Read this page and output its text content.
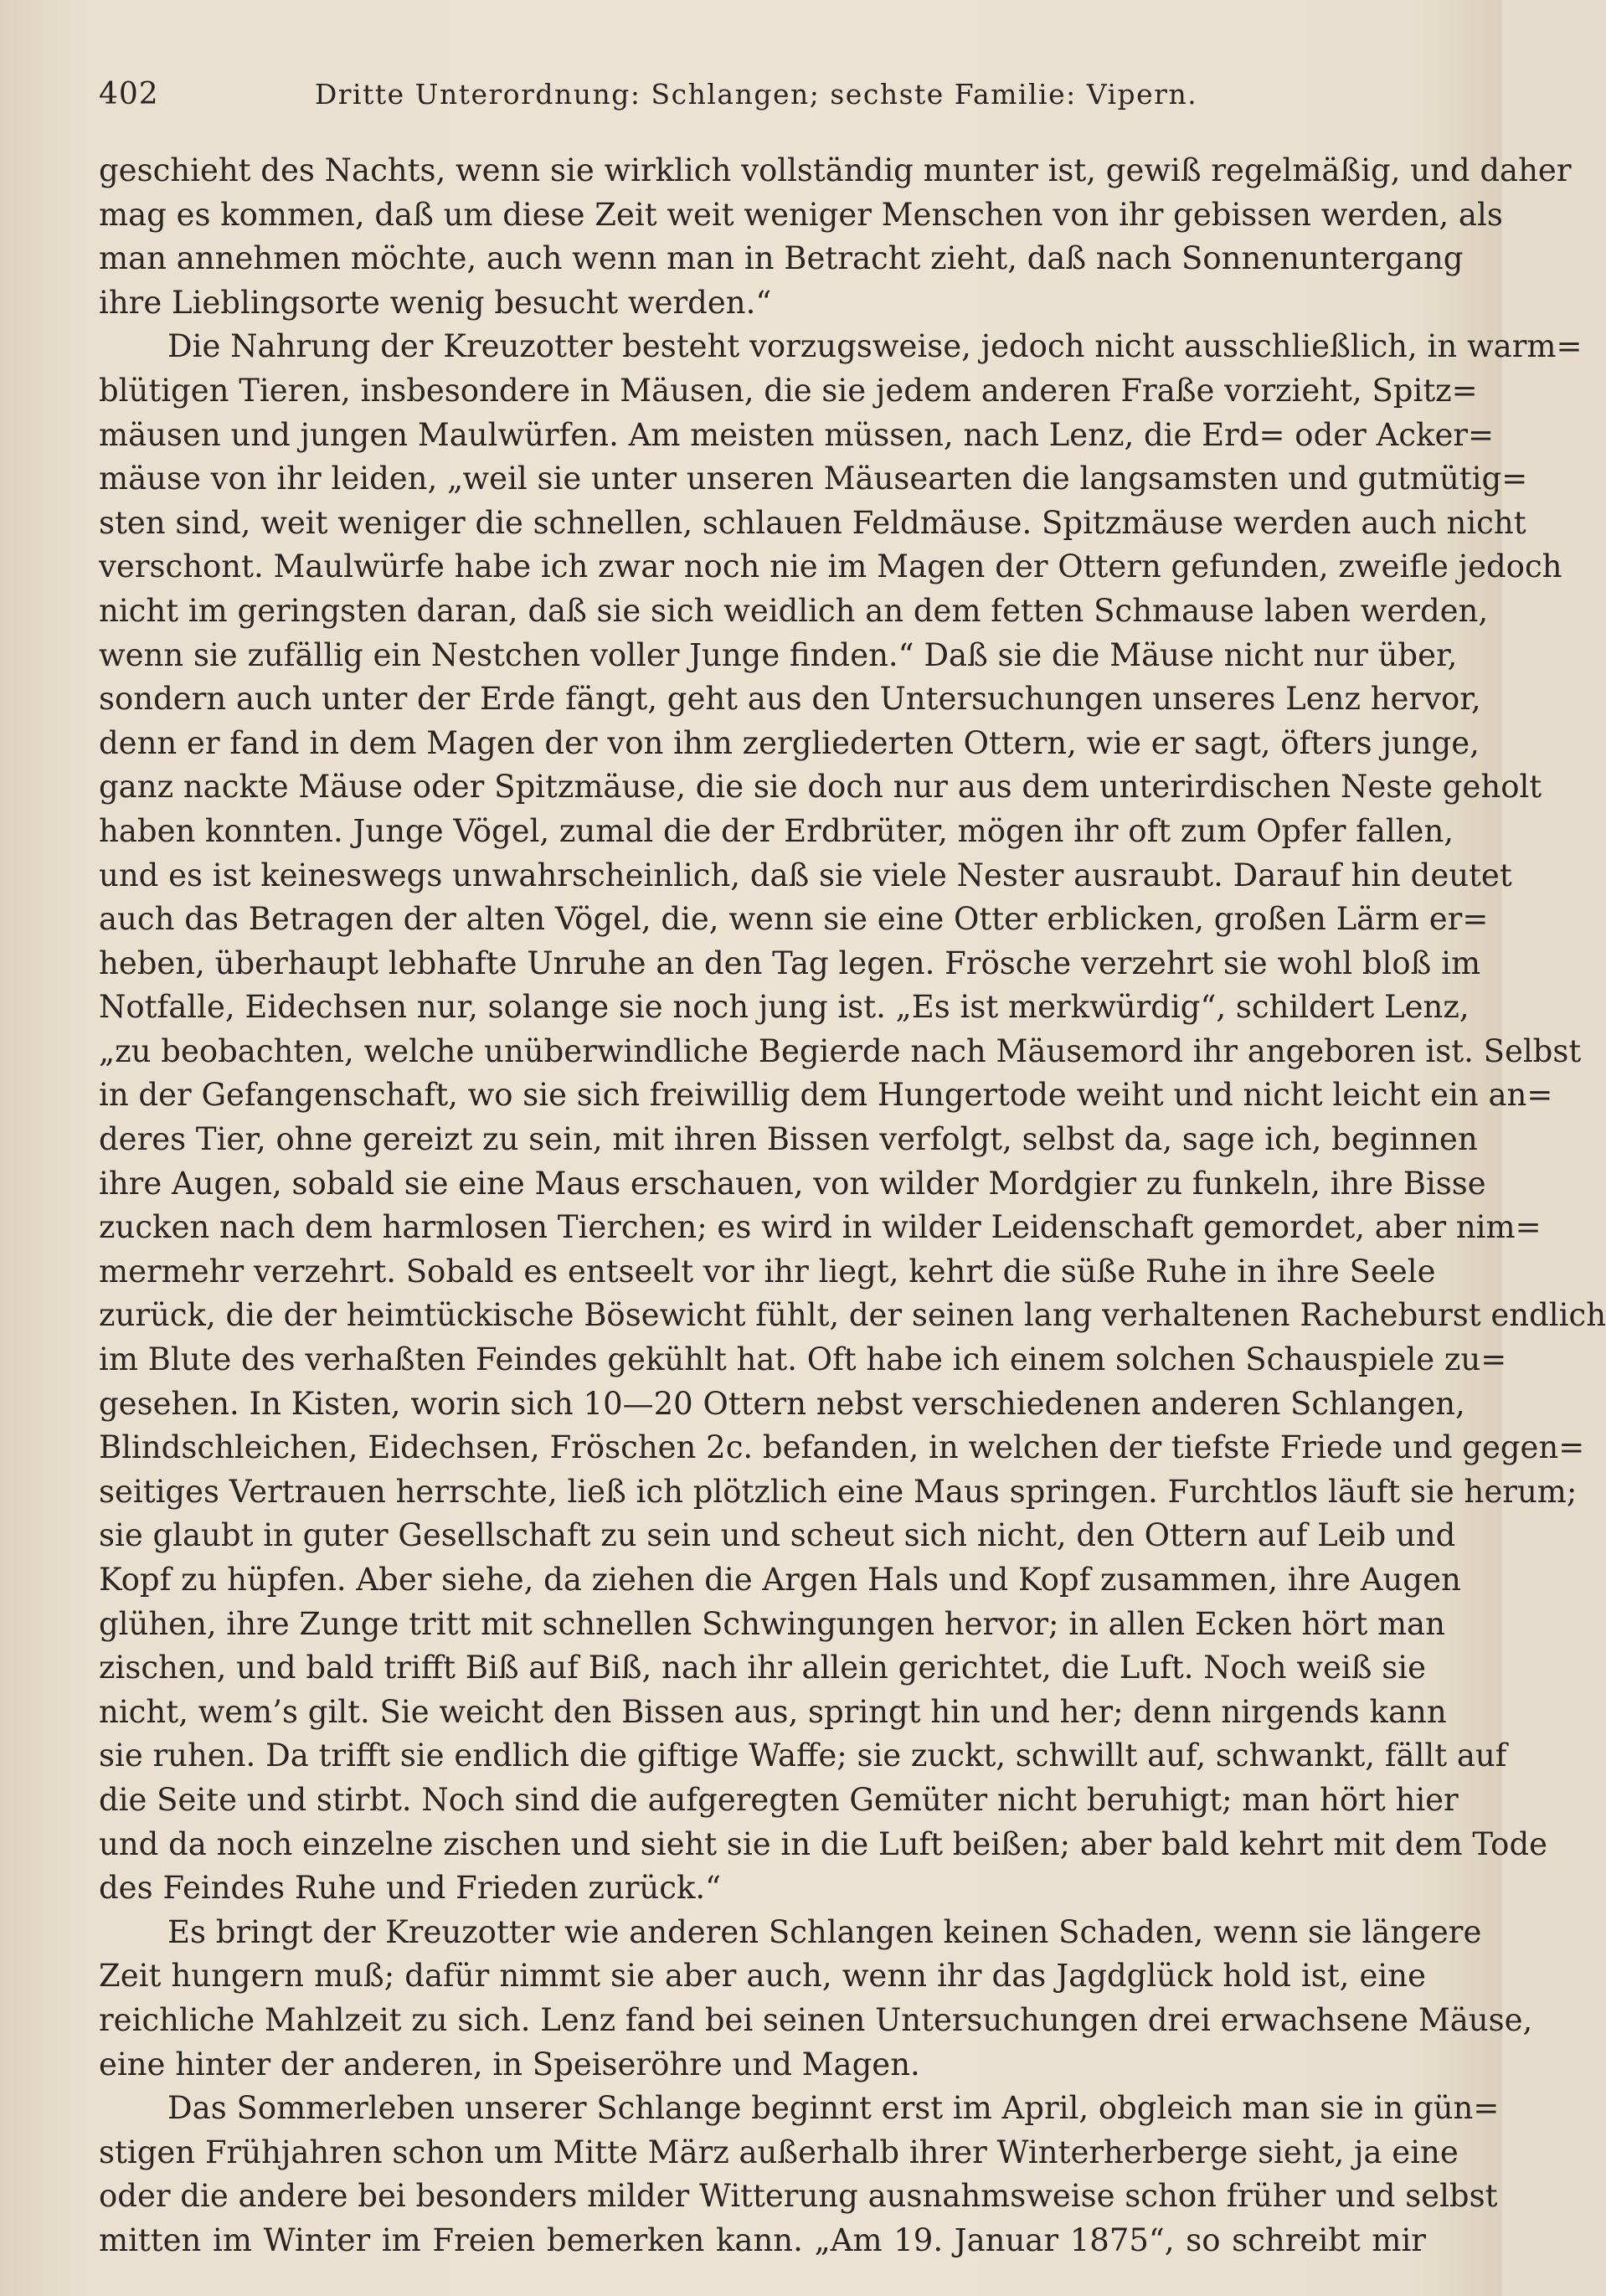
402	Dritte Unterordnung: Schlangen; sechste Familie: Vipern.
geschieht des Nachts, wenn sie wirklich vollständig munter ist, gewiß regelmäßig, und daher
mag es kommen, daß um diese Zeit weit weniger Menschen von ihr gebissen werden, als
man annehmen möchte, auch wenn man in Betracht zieht, daß nach Sonnenuntergang
ihre Lieblingsorte wenig besucht werden.“
Die Nahrung der Kreuzotter besteht vorzugsweise, jedoch nicht ausschließlich, in warm=
blütigen Tieren, insbesondere in Mäusen, die sie jedem anderen Fraße vorzieht, Spitz=
mäusen und jungen Maulwürfen. Am meisten müssen, nach Lenz, die Erd= oder Acker=
mäuse von ihr leiden, „weil sie unter unseren Mäusearten die langsamsten und gutmütig=
sten sind, weit weniger die schnellen, schlauen Feldmäuse. Spitzmäuse werden auch nicht
verschont. Maulwürfe habe ich zwar noch nie im Magen der Ottern gefunden, zweifle jedoch
nicht im geringsten daran, daß sie sich weidlich an dem fetten Schmause laben werden,
wenn sie zufällig ein Nestchen voller Junge finden.“ Daß sie die Mäuse nicht nur über,
sondern auch unter der Erde fängt, geht aus den Untersuchungen unseres Lenz hervor,
denn er fand in dem Magen der von ihm zergliederten Ottern, wie er sagt, öfters junge,
ganz nackte Mäuse oder Spitzmäuse, die sie doch nur aus dem unterirdischen Neste geholt
haben konnten. Junge Vögel, zumal die der Erdbrüter, mögen ihr oft zum Opfer fallen,
und es ist keineswegs unwahrscheinlich, daß sie viele Nester ausraubt. Darauf hin deutet
auch das Betragen der alten Vögel, die, wenn sie eine Otter erblicken, großen Lärm er=
heben, überhaupt lebhafte Unruhe an den Tag legen. Frösche verzehrt sie wohl bloß im
Notfalle, Eidechsen nur, solange sie noch jung ist. „Es ist merkwürdig“, schildert Lenz,
„zu beobachten, welche unüberwindliche Begierde nach Mäusemord ihr angeboren ist. Selbst
in der Gefangenschaft, wo sie sich freiwillig dem Hungertode weiht und nicht leicht ein an=
deres Tier, ohne gereizt zu sein, mit ihren Bissen verfolgt, selbst da, sage ich, beginnen
ihre Augen, sobald sie eine Maus erschauen, von wilder Mordgier zu funkeln, ihre Bisse
zucken nach dem harmlosen Tierchen; es wird in wilder Leidenschaft gemordet, aber nim=
mermehr verzehrt. Sobald es entseelt vor ihr liegt, kehrt die süße Ruhe in ihre Seele
zurück, die der heimtückische Bösewicht fühlt, der seinen lang verhaltenen Racheburst endlich
im Blute des verhaßten Feindes gekühlt hat. Oft habe ich einem solchen Schauspiele zu=
gesehen. In Kisten, worin sich 10—20 Ottern nebst verschiedenen anderen Schlangen,
Blindschleichen, Eidechsen, Fröschen 2c. befanden, in welchen der tiefste Friede und gegen=
seitiges Vertrauen herrschte, ließ ich plötzlich eine Maus springen. Furchtlos läuft sie herum;
sie glaubt in guter Gesellschaft zu sein und scheut sich nicht, den Ottern auf Leib und
Kopf zu hüpfen. Aber siehe, da ziehen die Argen Hals und Kopf zusammen, ihre Augen
glühen, ihre Zunge tritt mit schnellen Schwingungen hervor; in allen Ecken hört man
zischen, und bald trifft Biß auf Biß, nach ihr allein gerichtet, die Luft. Noch weiß sie
nicht, wem’s gilt. Sie weicht den Bissen aus, springt hin und her; denn nirgends kann
sie ruhen. Da trifft sie endlich die giftige Waffe; sie zuckt, schwillt auf, schwankt, fällt auf
die Seite und stirbt. Noch sind die aufgeregten Gemüter nicht beruhigt; man hört hier
und da noch einzelne zischen und sieht sie in die Luft beißen; aber bald kehrt mit dem Tode
des Feindes Ruhe und Frieden zurück.“
Es bringt der Kreuzotter wie anderen Schlangen keinen Schaden, wenn sie längere
Zeit hungern muß; dafür nimmt sie aber auch, wenn ihr das Jagdglück hold ist, eine
reichliche Mahlzeit zu sich. Lenz fand bei seinen Untersuchungen drei erwachsene Mäuse,
eine hinter der anderen, in Speiseröhre und Magen.
Das Sommerleben unserer Schlange beginnt erst im April, obgleich man sie in gün=
stigen Frühjahren schon um Mitte März außerhalb ihrer Winterherberge sieht, ja eine
oder die andere bei besonders milder Witterung ausnahmsweise schon früher und selbst
mitten im Winter im Freien bemerken kann. „Am 19. Januar 1875“, so schreibt mir
